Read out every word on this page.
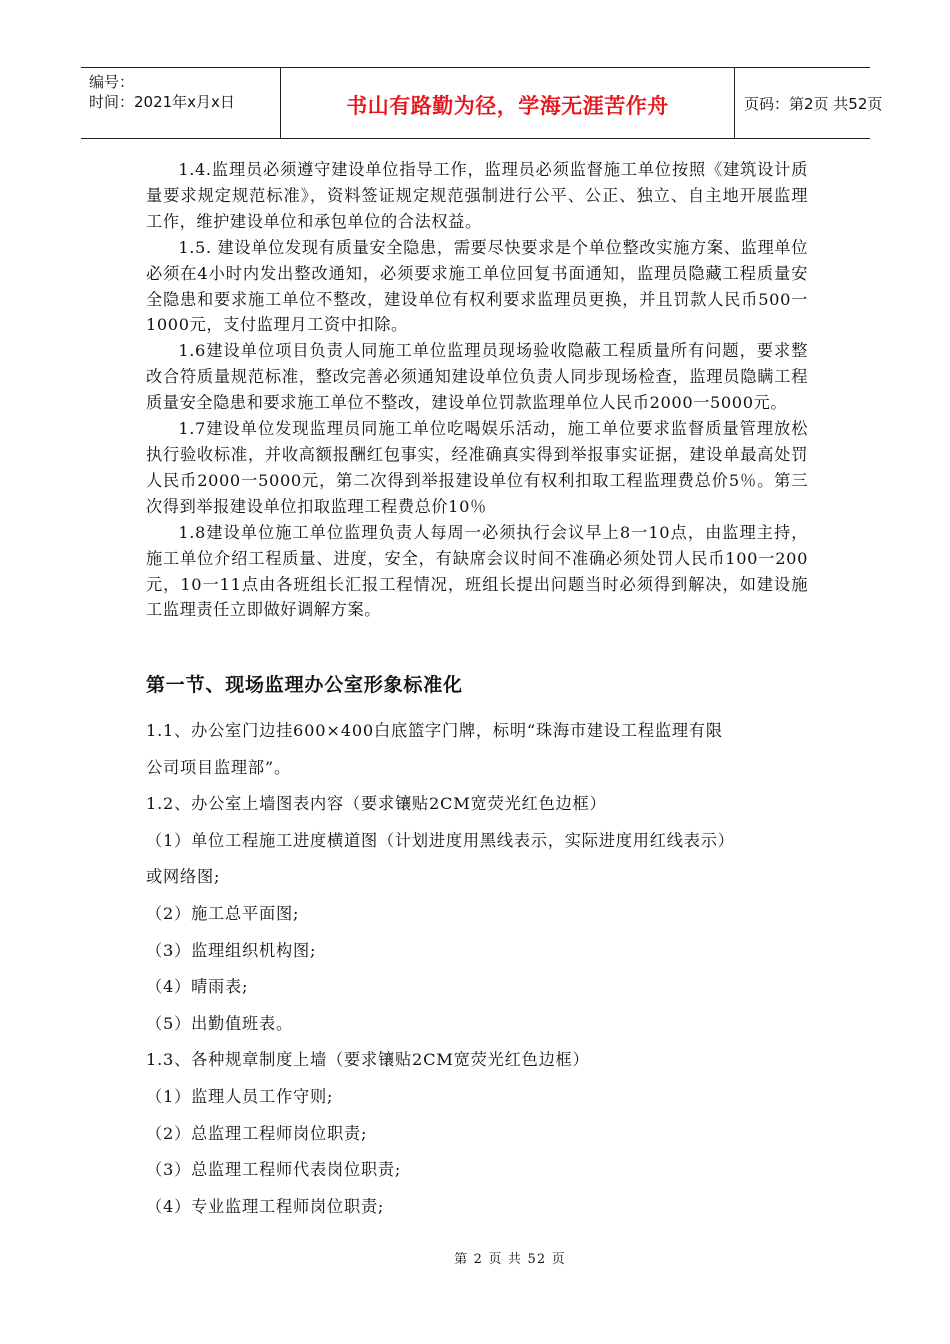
编号：
时间：2021年x月x日	书山有路勤为径，学海无涯苦作舟	页码：第2页 共52页

1.4.监理员必须遵守建设单位指导工作，监理员必须监督施工单位按照《建筑设计质量要求规定规范标准》，资料签证规定规范强制进行公平、公正、独立、自主地开展监理工作，维护建设单位和承包单位的合法权益。

1.5. 建设单位发现有质量安全隐患，需要尽快要求是个单位整改实施方案、监理单位必须在4小时内发出整改通知，必须要求施工单位回复书面通知，监理员隐藏工程质量安全隐患和要求施工单位不整改，建设单位有权利要求监理员更换，并且罚款人民币500一1000元，支付监理月工资中扣除。

1.6建设单位项目负责人同施工单位监理员现场验收隐蔽工程质量所有问题，要求整改合符质量规范标准，整改完善必须通知建设单位负责人同步现场检查，监理员隐瞒工程质量安全隐患和要求施工单位不整改，建设单位罚款监理单位人民币2000一5000元。

1.7建设单位发现监理员同施工单位吃喝娱乐活动，施工单位要求监督质量管理放松执行验收标准，并收高额报酬红包事实，经准确真实得到举报事实证据，建设单最高处罚人民币2000一5000元，第二次得到举报建设单位有权利扣取工程监理费总价5％。第三次得到举报建设单位扣取监理工程费总价10％

1.8建设单位施工单位监理负责人每周一必须执行会议早上8一10点，由监理主持，施工单位介绍工程质量、进度，安全，有缺席会议时间不准确必须处罚人民币100一200元，10一11点由各班组长汇报工程情况，班组长提出问题当时必须得到解决，如建设施工监理责任立即做好调解方案。

第一节、现场监理办公室形象标准化
1.1、办公室门边挂600×400白底篮字门牌，标明“珠海市建设工程监理有限
公司项目监理部”。
1.2、办公室上墙图表内容（要求镶贴2CM宽荧光红色边框）
（1）单位工程施工进度横道图（计划进度用黑线表示，实际进度用红线表示）
或网络图;
（2）施工总平面图;
（3）监理组织机构图;
（4）晴雨表;
（5）出勤值班表。
1.3、各种规章制度上墙（要求镶贴2CM宽荧光红色边框）
（1）监理人员工作守则;
（2）总监理工程师岗位职责;
（3）总监理工程师代表岗位职责;
（4）专业监理工程师岗位职责;
第 2 页 共 52 页
